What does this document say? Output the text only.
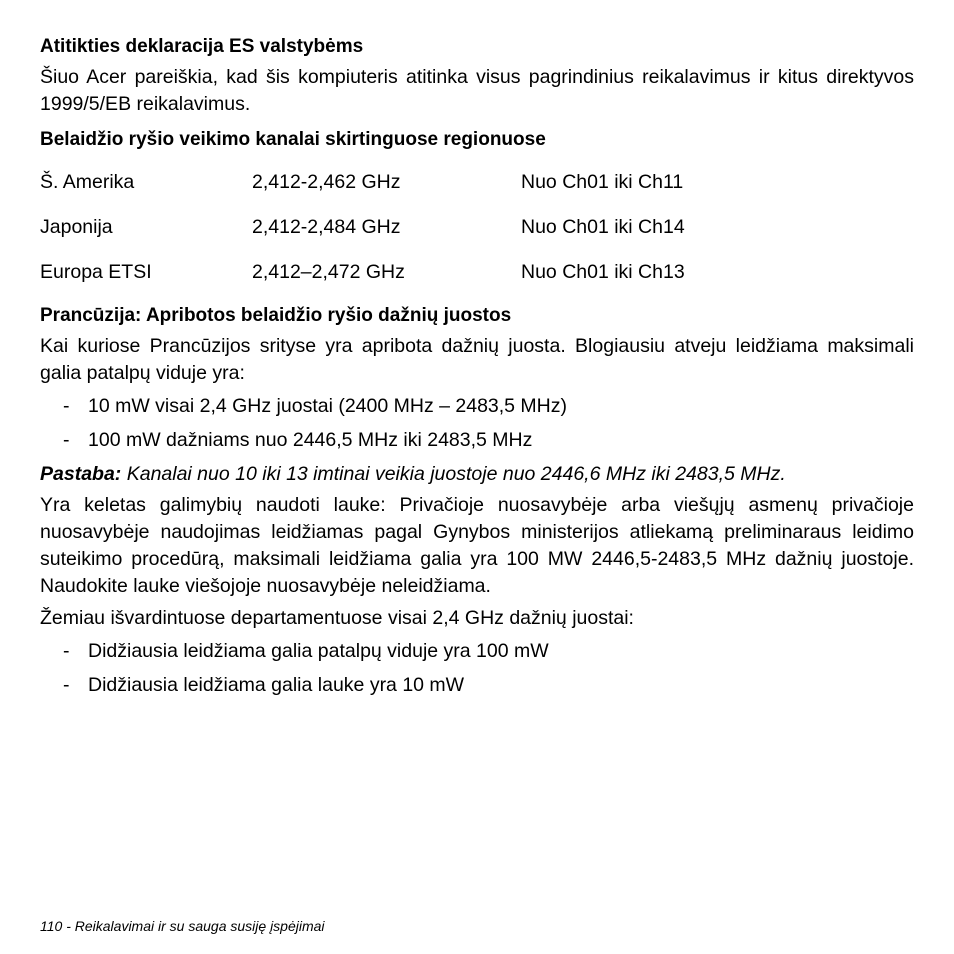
Atitikties deklaracija ES valstybėms

Šiuo Acer pareiškia, kad šis kompiuteris atitinka visus pagrindinius reikalavimus ir kitus direktyvos 1999/5/EB reikalavimus.

Belaidžio ryšio veikimo kanalai skirtinguose regionuose
Š. Amerika	2,412-2,462 GHz	Nuo Ch01 iki Ch11
Japonija	2,412-2,484 GHz	Nuo Ch01 iki Ch14
Europa ETSI	2,412–2,472 GHz	Nuo Ch01 iki Ch13
Prancūzija: Apribotos belaidžio ryšio dažnių juostos

Kai kuriose Prancūzijos srityse yra apribota dažnių juosta. Blogiausiu atveju leidžiama maksimali galia patalpų viduje yra:

- 10 mW visai 2,4 GHz juostai (2400 MHz – 2483,5 MHz)
- 100 mW dažniams nuo 2446,5 MHz iki 2483,5 MHz

Pastaba: Kanalai nuo 10 iki 13 imtinai veikia juostoje nuo 2446,6 MHz iki 2483,5 MHz.

Yra keletas galimybių naudoti lauke: Privačioje nuosavybėje arba viešųjų asmenų privačioje nuosavybėje naudojimas leidžiamas pagal Gynybos ministerijos atliekamą preliminaraus leidimo suteikimo procedūrą, maksimali leidžiama galia yra 100 MW 2446,5-2483,5 MHz dažnių juostoje. Naudokite lauke viešojoje nuosavybėje neleidžiama.

Žemiau išvardintuose departamentuose visai 2,4 GHz dažnių juostai:

- Didžiausia leidžiama galia patalpų viduje yra 100 mW
- Didžiausia leidžiama galia lauke yra 10 mW
110 - Reikalavimai ir su sauga susiję įspėjimai
